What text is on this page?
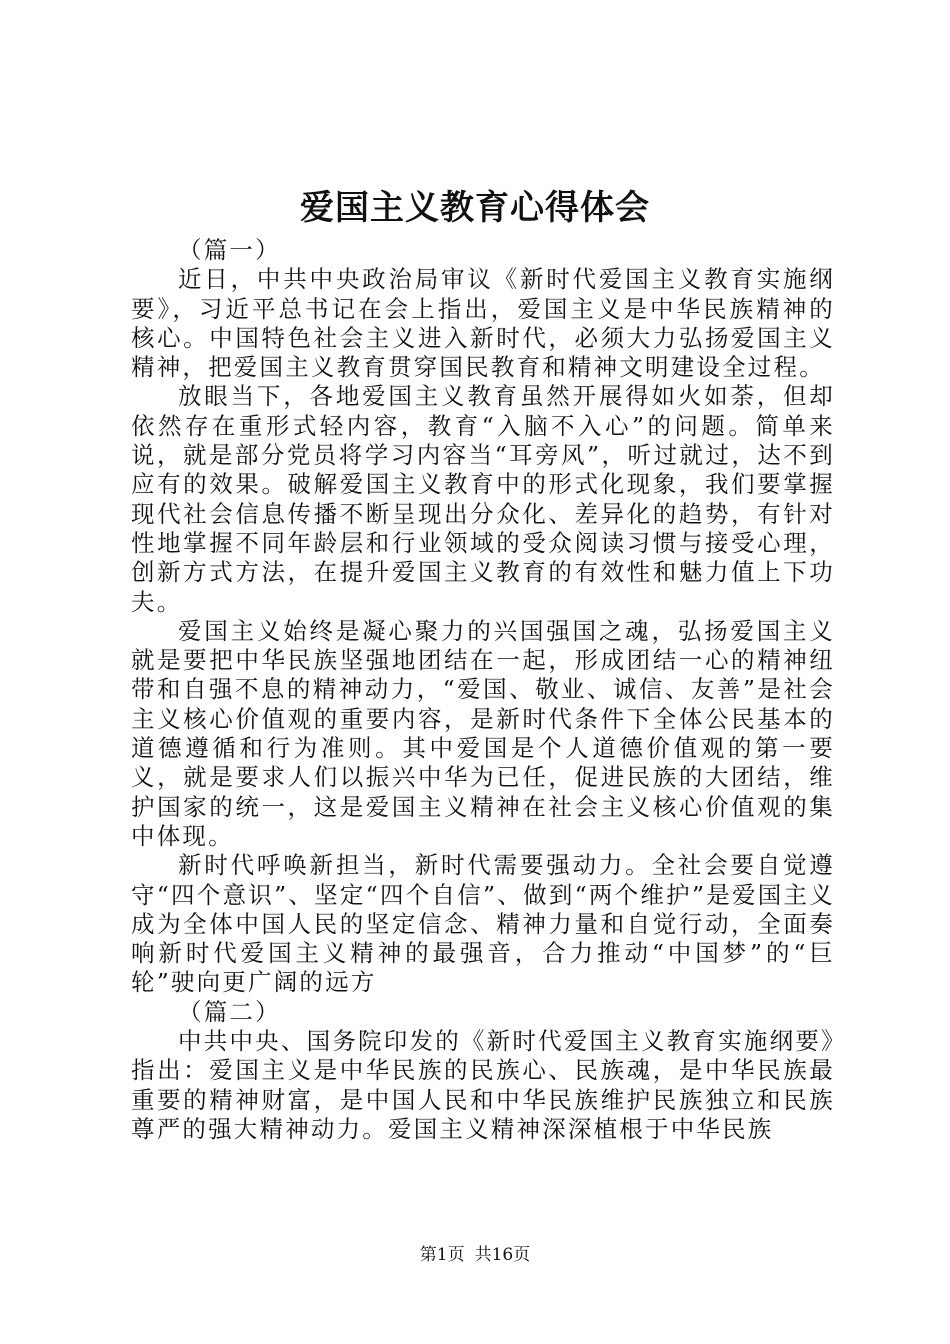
爱国主义教育心得体会

（篇一）

近日，中共中央政治局审议《新时代爱国主义教育实施纲要》，习近平总书记在会上指出，爱国主义是中华民族精神的核心。中国特色社会主义进入新时代，必须大力弘扬爱国主义精神，把爱国主义教育贯穿国民教育和精神文明建设全过程。

放眼当下，各地爱国主义教育虽然开展得如火如荼，但却依然存在重形式轻内容，教育“入脑不入心”的问题。简单来说，就是部分党员将学习内容当“耳旁风”，听过就过，达不到应有的效果。破解爱国主义教育中的形式化现象，我们要掌握现代社会信息传播不断呈现出分众化、差异化的趋势，有针对性地掌握不同年龄层和行业领域的受众阅读习惯与接受心理，创新方式方法，在提升爱国主义教育的有效性和魅力值上下功夫。

爱国主义始终是凝心聚力的兴国强国之魂，弘扬爱国主义就是要把中华民族坚强地团结在一起，形成团结一心的精神纽带和自强不息的精神动力，“爱国、敬业、诚信、友善”是社会主义核心价值观的重要内容，是新时代条件下全体公民基本的道德遵循和行为准则。其中爱国是个人道德价值观的第一要义，就是要求人们以振兴中华为已任，促进民族的大团结，维护国家的统一，这是爱国主义精神在社会主义核心价值观的集中体现。

新时代呼唤新担当，新时代需要强动力。全社会要自觉遵守“四个意识”、坚定“四个自信”、做到“两个维护”是爱国主义成为全体中国人民的坚定信念、精神力量和自觉行动，全面奏响新时代爱国主义精神的最强音，合力推动“中国梦”的“巨轮”驶向更广阔的远方

（篇二）

中共中央、国务院印发的《新时代爱国主义教育实施纲要》指出：爱国主义是中华民族的民族心、民族魂，是中华民族最重要的精神财富，是中国人民和中华民族维护民族独立和民族尊严的强大精神动力。爱国主义精神深深植根于中华民族

第1页 共16页
